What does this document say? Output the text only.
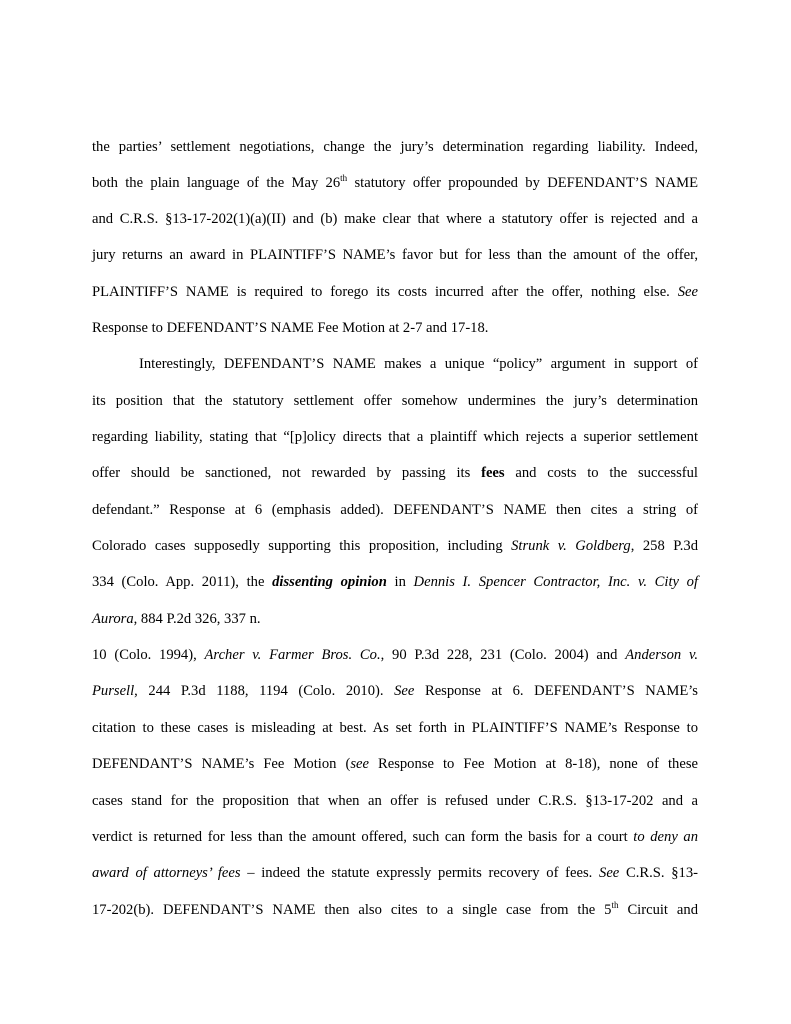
the parties’ settlement negotiations, change the jury’s determination regarding liability. Indeed,
both the plain language of the May 26th statutory offer propounded by DEFENDANT’S NAME
and C.R.S. §13-17-202(1)(a)(II) and (b) make clear that where a statutory offer is rejected and a
jury returns an award in PLAINTIFF’S NAME’s favor but for less than the amount of the offer,
PLAINTIFF’S NAME is required to forego its costs incurred after the offer, nothing else. See
Response to DEFENDANT’S NAME Fee Motion at 2-7 and 17-18.
Interestingly, DEFENDANT’S NAME makes a unique “policy” argument in support of
its position that the statutory settlement offer somehow undermines the jury’s determination
regarding liability, stating that “[p]olicy directs that a plaintiff which rejects a superior settlement
offer should be sanctioned, not rewarded by passing its fees and costs to the successful
defendant.” Response at 6 (emphasis added). DEFENDANT’S NAME then cites a string of
Colorado cases supposedly supporting this proposition, including Strunk v. Goldberg, 258 P.3d
334 (Colo. App. 2011), the dissenting opinion in Dennis I. Spencer Contractor, Inc. v. City of
Aurora, 884 P.2d 326, 337 n.
10 (Colo. 1994), Archer v. Farmer Bros. Co., 90 P.3d 228, 231 (Colo. 2004) and Anderson v.
Pursell, 244 P.3d 1188, 1194 (Colo. 2010). See Response at 6. DEFENDANT’S NAME’s
citation to these cases is misleading at best. As set forth in PLAINTIFF’S NAME’s Response to
DEFENDANT’S NAME’s Fee Motion (see Response to Fee Motion at 8-18), none of these
cases stand for the proposition that when an offer is refused under C.R.S. §13-17-202 and a
verdict is returned for less than the amount offered, such can form the basis for a court to deny an
award of attorneys’ fees – indeed the statute expressly permits recovery of fees. See C.R.S. §13-
17-202(b). DEFENDANT’S NAME then also cites to a single case from the 5th Circuit and
